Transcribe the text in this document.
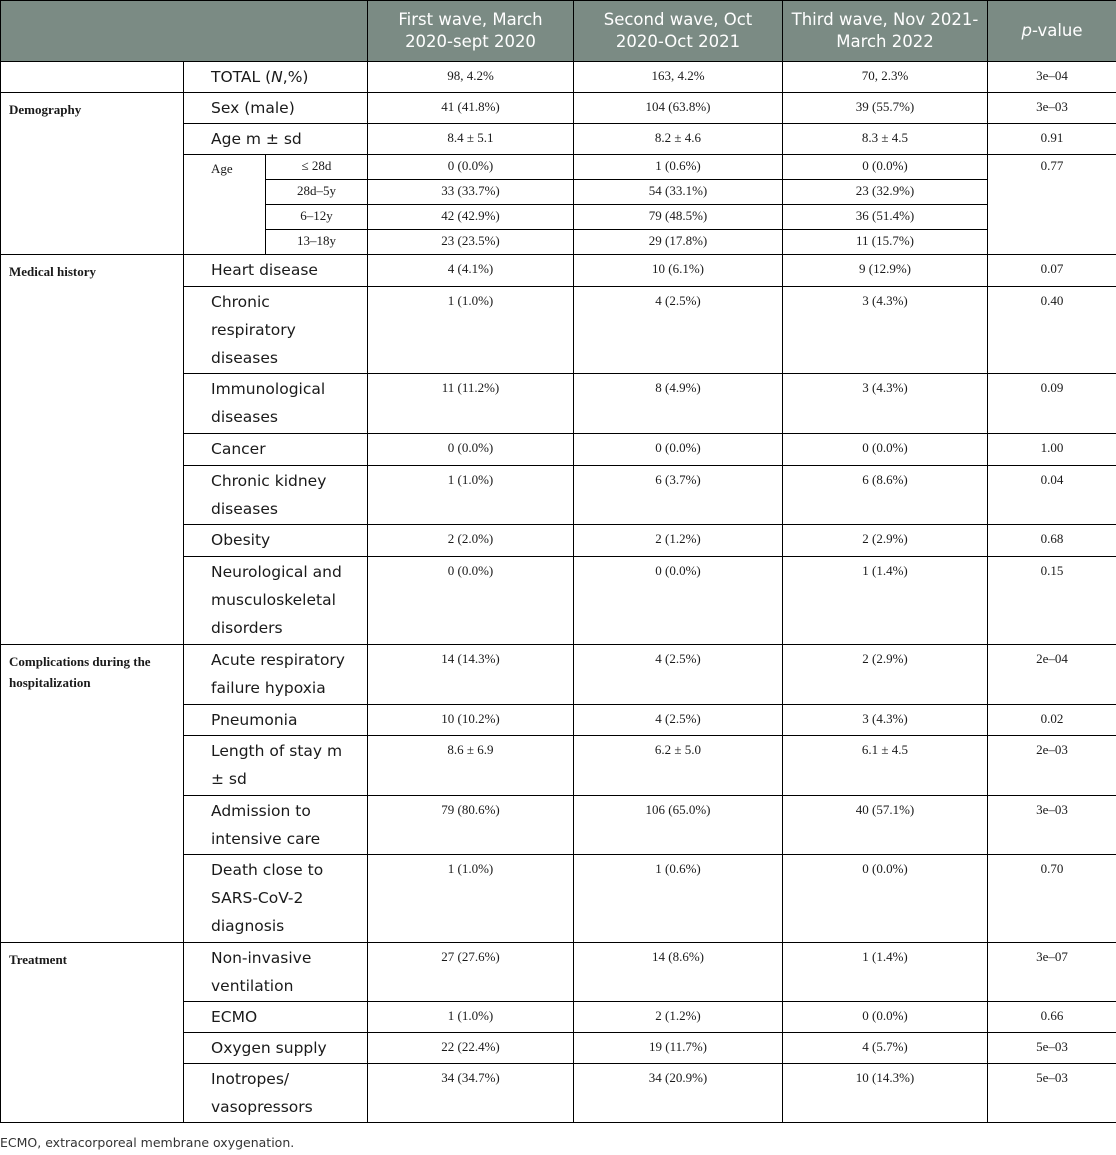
			First wave, March 2020-sept 2020	Second wave, Oct 2020-Oct 2021	Third wave, Nov 2021-March 2022	p-value
	TOTAL (N,%)		98, 4.2%	163, 4.2%	70, 2.3%	3e–04
Demography	Sex (male)		41 (41.8%)	104 (63.8%)	39 (55.7%)	3e–03
	Age m ± sd		8.4 ± 5.1	8.2 ± 4.6	8.3 ± 4.5	0.91
	Age	≤ 28d	0 (0.0%)	1 (0.6%)	0 (0.0%)	0.77
		28d–5y	33 (33.7%)	54 (33.1%)	23 (32.9%)	
		6–12y	42 (42.9%)	79 (48.5%)	36 (51.4%)	
		13–18y	23 (23.5%)	29 (17.8%)	11 (15.7%)	
Medical history	Heart disease		4 (4.1%)	10 (6.1%)	9 (12.9%)	0.07
	Chronic respiratory diseases		1 (1.0%)	4 (2.5%)	3 (4.3%)	0.40
	Immunological diseases		11 (11.2%)	8 (4.9%)	3 (4.3%)	0.09
	Cancer		0 (0.0%)	0 (0.0%)	0 (0.0%)	1.00
	Chronic kidney diseases		1 (1.0%)	6 (3.7%)	6 (8.6%)	0.04
	Obesity		2 (2.0%)	2 (1.2%)	2 (2.9%)	0.68
	Neurological and musculoskeletal disorders		0 (0.0%)	0 (0.0%)	1 (1.4%)	0.15
Complications during the hospitalization	Acute respiratory failure hypoxia		14 (14.3%)	4 (2.5%)	2 (2.9%)	2e–04
	Pneumonia		10 (10.2%)	4 (2.5%)	3 (4.3%)	0.02
	Length of stay m ± sd		8.6 ± 6.9	6.2 ± 5.0	6.1 ± 4.5	2e–03
	Admission to intensive care		79 (80.6%)	106 (65.0%)	40 (57.1%)	3e–03
	Death close to SARS-CoV-2 diagnosis		1 (1.0%)	1 (0.6%)	0 (0.0%)	0.70
Treatment	Non-invasive ventilation		27 (27.6%)	14 (8.6%)	1 (1.4%)	3e–07
	ECMO		1 (1.0%)	2 (1.2%)	0 (0.0%)	0.66
	Oxygen supply		22 (22.4%)	19 (11.7%)	4 (5.7%)	5e–03
	Inotropes/ vasopressors		34 (34.7%)	34 (20.9%)	10 (14.3%)	5e–03
ECMO, extracorporeal membrane oxygenation.
